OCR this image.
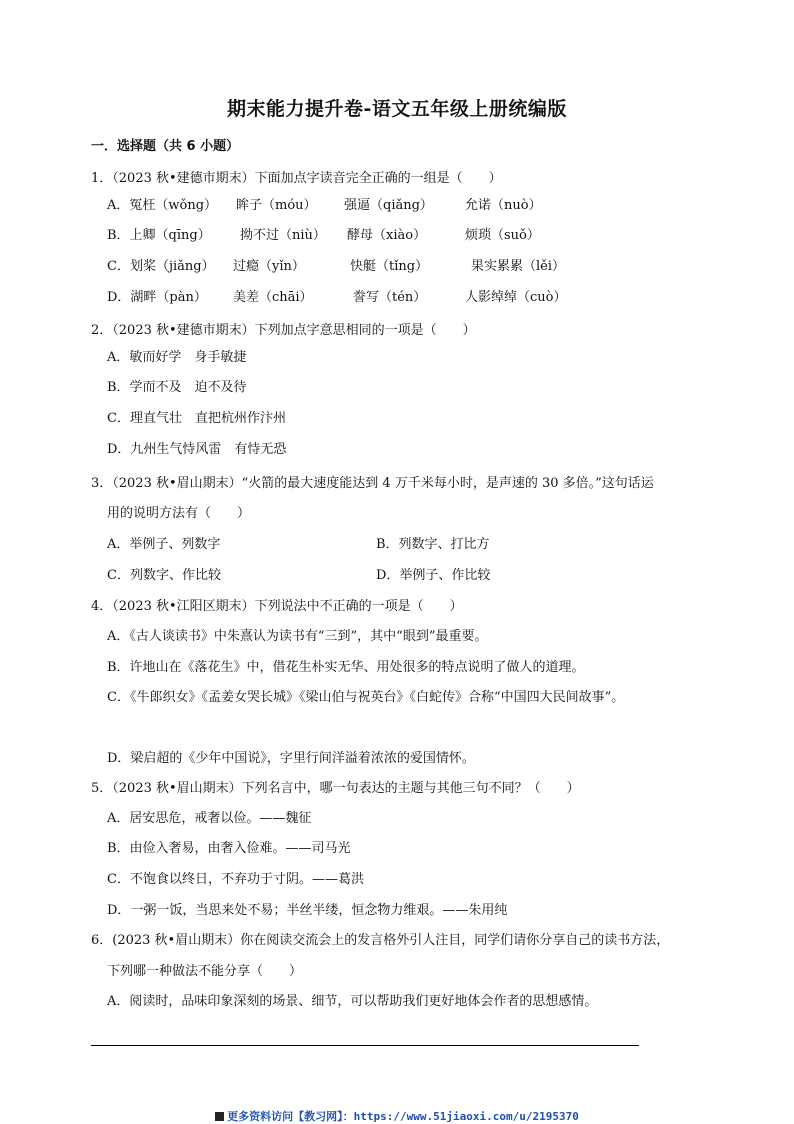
期末能力提升卷-语文五年级上册统编版
一．选择题（共 6 小题）
1．（2023 秋•建德市期末）下面加点字读音完全正确的一组是（　　）
A．冤枉（wǒng） 眸子（móu） 强逼（qiǎng） 允诺（nuò）
B．上卿（qīng） 拗不过（niù） 酵母（xiào）	烦琐（suǒ）
C．划桨（jiǎng） 过瘾（yǐn）	快艇（tǐng）	果实累累（lěi）
D．湖畔（pàn） 美差（chāi）	誊写（tén）	人影绰绰（cuò）
2．（2023 秋•建德市期末）下列加点字意思相同的一项是（　　）
A．敏而好学　身手敏捷
B．学而不及　迫不及待
C．理直气壮　直把杭州作汴州
D．九州生气恃风雷　有恃无恐
3．（2023 秋•眉山期末）“火箭的最大速度能达到 4 万千米每小时，是声速的 30 多倍。”这句话运
用的说明方法有（　　）
A．举例子、列数字	B．列数字、打比方
C．列数字、作比较	D．举例子、作比较
4．（2023 秋•江阳区期末）下列说法中不正确的一项是（　　）
A．《古人谈读书》中朱熹认为读书有“三到”，其中“眼到”最重要。
B．许地山在《落花生》中，借花生朴实无华、用处很多的特点说明了做人的道理。
C．《牛郎织女》《孟姜女哭长城》《梁山伯与祝英台》《白蛇传》合称“中国四大民间故事”。
D．梁启超的《少年中国说》，字里行间洋溢着浓浓的爱国情怀。
5．（2023 秋•眉山期末）下列名言中，哪一句表达的主题与其他三句不同？（　　）
A．居安思危，戒奢以俭。——魏征
B．由俭入奢易，由奢入俭难。——司马光
C．不饱食以终日，不弃功于寸阴。——葛洪
D．一粥一饭，当思来处不易；半丝半缕，恒念物力维艰。——朱用纯
6．(2023 秋•眉山期末）你在阅读交流会上的发言格外引人注目，同学们请你分享自己的读书方法，
下列哪一种做法不能分享（　　）
A．阅读时，品味印象深刻的场景、细节，可以帮助我们更好地体会作者的思想感情。
更多资料访问【教习网】：https://www.51jiaoxi.com/u/2195370
